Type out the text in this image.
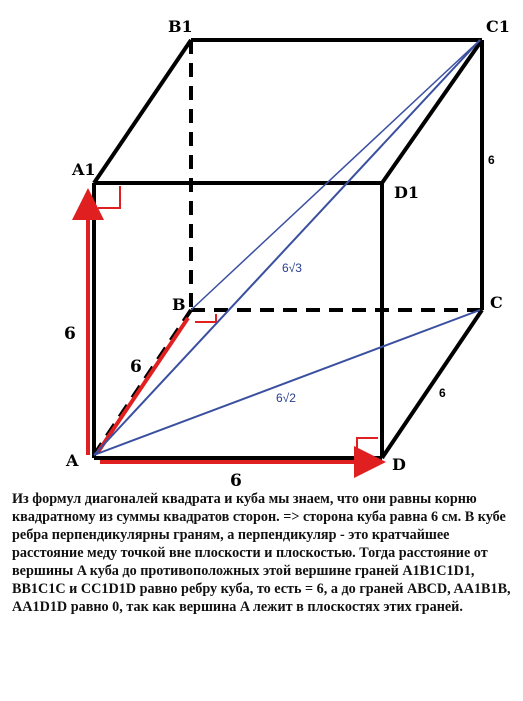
B1	C1
A1
D1
B	C
A	D
6
6
6
6
6
6√3
6√2

Из формул диагоналей квадрата и куба мы знаем, что они равны корню квадратному из суммы квадратов сторон. => сторона куба равна 6 см. В кубе ребра перпендикулярны граням, а перпендикуляр - это кратчайшее расстояние меду точкой вне плоскости и плоскостью. Тогда расстояние от вершины A куба до противоположных этой вершине граней A1B1C1D1, BB1C1C и CC1D1D равно ребру куба, то есть = 6, а до граней ABCD, AA1B1B, AA1D1D равно 0, так как вершина A лежит в плоскостях этих граней.
